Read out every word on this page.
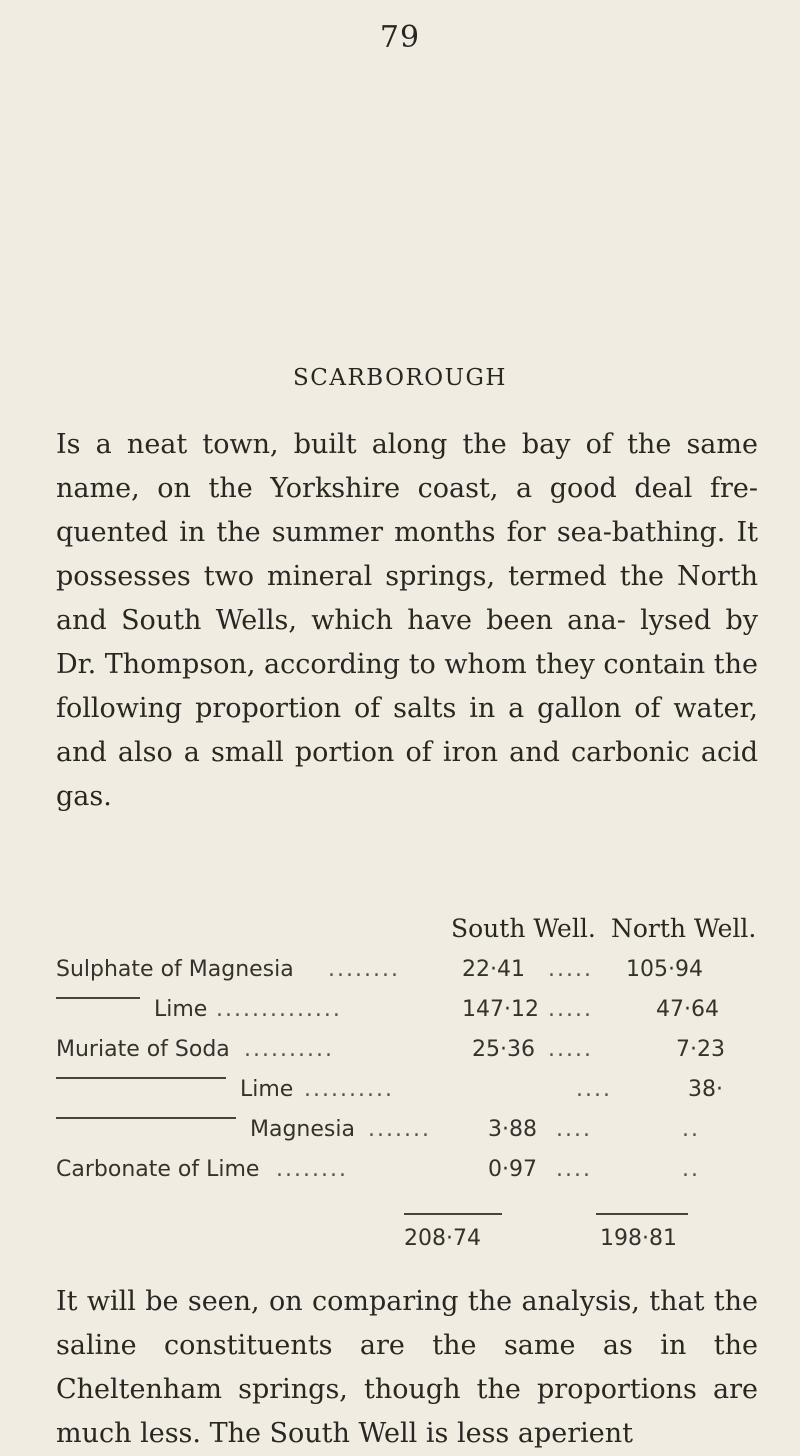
79
SCARBOROUGH

Is a neat town, built along the bay of the same name, on the Yorkshire coast, a good deal fre- quented in the summer months for sea-bathing. It possesses two mineral springs, termed the North and South Wells, which have been ana- lysed by Dr. Thompson, according to whom they contain the following proportion of salts in a gallon of water, and also a small portion of iron and carbonic acid gas.

South Well. North Well.
Sulphate of Magnesia ........	22·41 ..... 105·94
Lime ..............	147·12 .....	47·64
Muriate of Soda ..........	25·36 .....	7·23
Lime ..........	....	38·
Magnesia .......	3·88 ....	..
Carbonate of Lime ........	0·97 ....	..
208·74	198·81

It will be seen, on comparing the analysis, that the saline constituents are the same as in the Cheltenham springs, though the proportions are much less. The South Well is less aperient
